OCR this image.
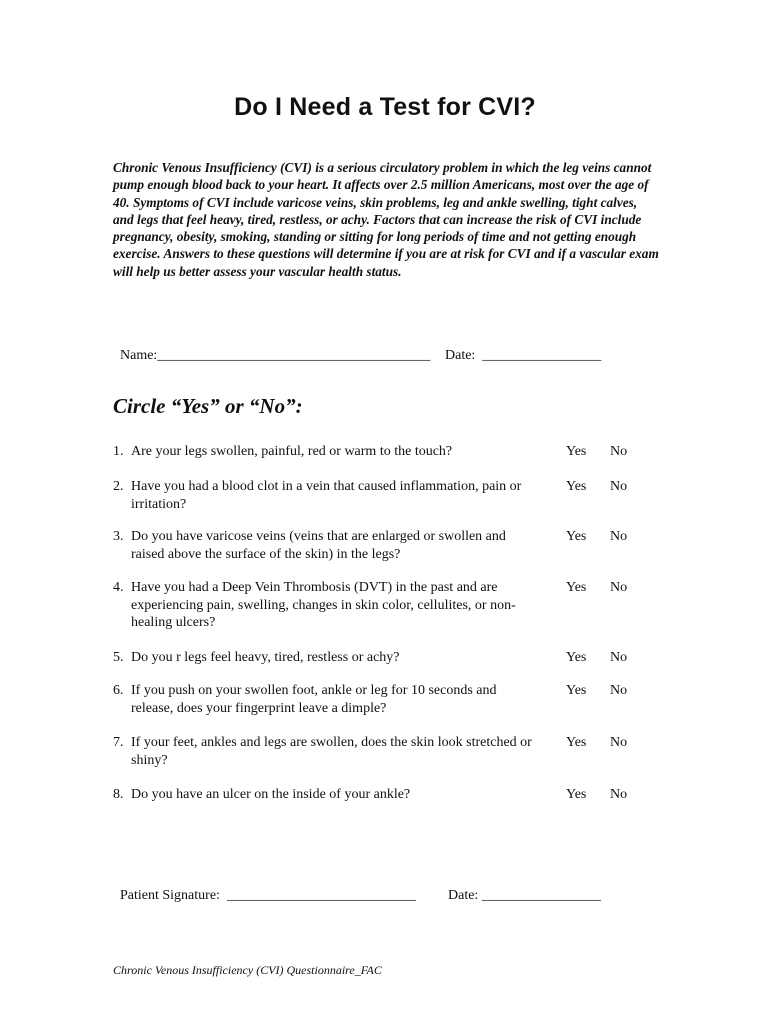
Do I Need a Test for CVI?
Chronic Venous Insufficiency (CVI) is a serious circulatory problem in which the leg veins cannot pump enough blood back to your heart. It affects over 2.5 million Americans, most over the age of 40. Symptoms of CVI include varicose veins, skin problems, leg and ankle swelling, tight calves, and legs that feel heavy, tired, restless, or achy. Factors that can increase the risk of CVI include pregnancy, obesity, smoking, standing or sitting for long periods of time and not getting enough exercise. Answers to these questions will determine if you are at risk for CVI and if a vascular exam will help us better assess your vascular health status.

Name:_______________________________________	Date: _________________

Circle “Yes” or “No”:
1. Are your legs swollen, painful, red or warm to the touch?	Yes No
2. Have you had a blood clot in a vein that caused inflammation, pain or irritation?
Yes No
3. Do you have varicose veins (veins that are enlarged or swollen and raised above the surface of the skin) in the legs?
Yes No
4. Have you had a Deep Vein Thrombosis (DVT) in the past and are experiencing pain, swelling, changes in skin color, cellulites, or non-healing ulcers?
Yes No
5. Do you r legs feel heavy, tired, restless or achy?	Yes No
6. If you push on your swollen foot, ankle or leg for 10 seconds and release, does your fingerprint leave a dimple?
Yes No
7. If your feet, ankles and legs are swollen, does the skin look stretched or shiny?
Yes No
8. Do you have an ulcer on the inside of your ankle?	Yes No

Patient Signature: ___________________________	Date: _________________

Chronic Venous Insufficiency (CVI) Questionnaire_FAC
